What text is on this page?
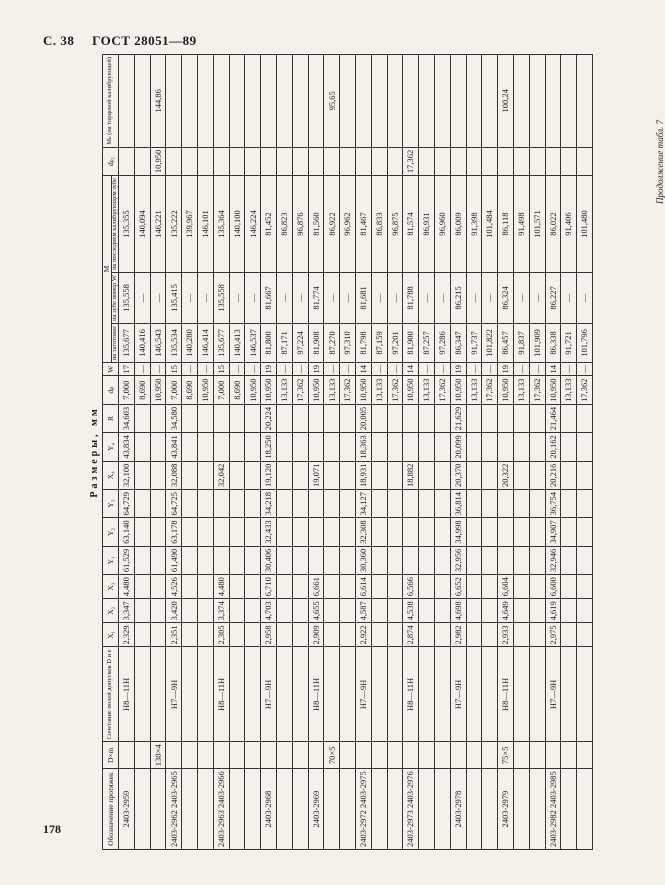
С. 38 ГОСТ 28051—89
Продолжение табл. 7
Размеры, мм																		
Обозначение протяжек	D×m	Сочетание полей допусков D и e	X₁	X₂	X₃	Y₁	Y₂	Y₃	X₄	Y₄	R	dₚ	W	M			dₚ₁	Mₖ (на торцевой калибрующей)
														на заготовке	на зубе номер W	на последнем калибрующем зубе		
2403-2959		Н8—11Н	2,329	3,347	4,480	61,529	63,140	64,729	32,100	43,834	34,603	7,000	17	135,677	135,558	135,355		
												8,690	—	140,416	—	140,094		
	130×4											10,950	—	146,543	—	146,221	10,950	144,86
2403-2962 2403-2965		Н7—9Н	2,351	3,420	4,526	61,490	63,178	64,725	32,088	43,841	34,580	7,000	15	135,534	135,415	135,222		
												8,690	—	140,280	—	139,967		
												10,950	—	146,414	—	146,101		
2403-2963 2403-2966		Н8—11Н	2,305	3,374	4,480				32,042			7,000	15	135,677	135,558	135,364		
												8,690	—	140,413	—	140,100		
												10,950	—	146,537	—	146,224		
2403-2968		Н7—9Н	2,958	4,703	6,710	30,406	32,433	34,218	19,120	18,250	20,224	10,950	19	81,800	81,667	81,452		
												13,133	—	87,171	—	86,823		
												17,362	—	97,224	—	96,876		
2403-2969		Н8—11Н	2,909	4,655	6,661				19,071			10,950	19	81,908	81,774	81,560		
	70×5											13,133	—	87,270	—	86,922		95,65
												17,362	—	97,310	—	96,962		
2403-2972 2403-2975		Н7—9Н	2,922	4,587	6,614	30,360	32,308	34,127	18,931	18,363	20,005	10,950	14	81,798	81,681	81,467		
												13,133	—	87,159	—	86,833		
												17,362	—	97,201	—	96,875		
2403-2973 2403-2976		Н8—11Н	2,874	4,538	6,566				18,882			10,950	14	81,900	81,788	81,574	17,362	
												13,133	—	87,257	—	86,931		
												17,362	—	97,286	—	96,960		
2403-2978		Н7—9Н	2,982	4,698	6,652	32,956	34,998	36,814	20,370	20,099	21,629	10,950	19	86,347	86,215	86,009		
												13,133	—	91,737	—	91,398		
												17,362	—	101,822	—	101,484		
2403-2979	75×5	Н8—11Н	2,933	4,649	6,604				20,322			10,950	19	86,457	86,324	86,118		100,24
												13,133	—	91,837	—	91,498		
												17,362	—	101,909	—	101,571		
2403-2982 2403-2985		Н7—9Н	2,975	4,619	6,600	32,946	34,907	36,754	20,216	20,162	21,464	10,950	14	86,338	86,227	86,022		
												13,133	—	91,721	—	91,406		
												17,362	—	101,796	—	101,480		
178
